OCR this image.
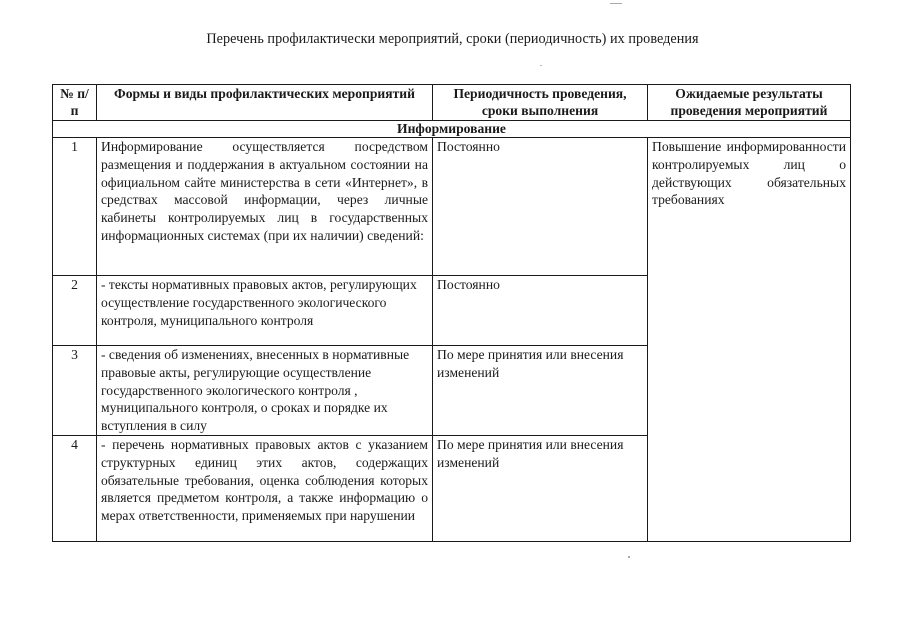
Перечень профилактически мероприятий, сроки (периодичность) их проведения
№ п/п	Формы и виды профилактических мероприятий	Периодичность проведения, сроки выполнения	Ожидаемые результаты проведения мероприятий
Информирование			
1	Информирование осуществляется посредством размещения и поддержания в актуальном состоянии на официальном сайте министерства в сети «Интернет», в средствах массовой информации, через личные кабинеты контролируемых лиц в государственных информационных системах (при их наличии) сведений:	Постоянно	Повышение информированности контролируемых лиц о действующих обязательных требованиях
2	- тексты нормативных правовых актов, регулирующих осуществление государственного экологического контроля, муниципального контроля	Постоянно	
3	- сведения об изменениях, внесенных в нормативные правовые акты, регулирующие осуществление государственного экологического контроля , муниципального контроля, о сроках и порядке их вступления в силу	По мере принятия или внесения изменений	
4	- перечень нормативных правовых актов с указанием структурных единиц этих актов, содержащих обязательные требования, оценка соблюдения которых является предметом контроля, а также информацию о мерах ответственности, применяемых при нарушении	По мере принятия или внесения изменений	
